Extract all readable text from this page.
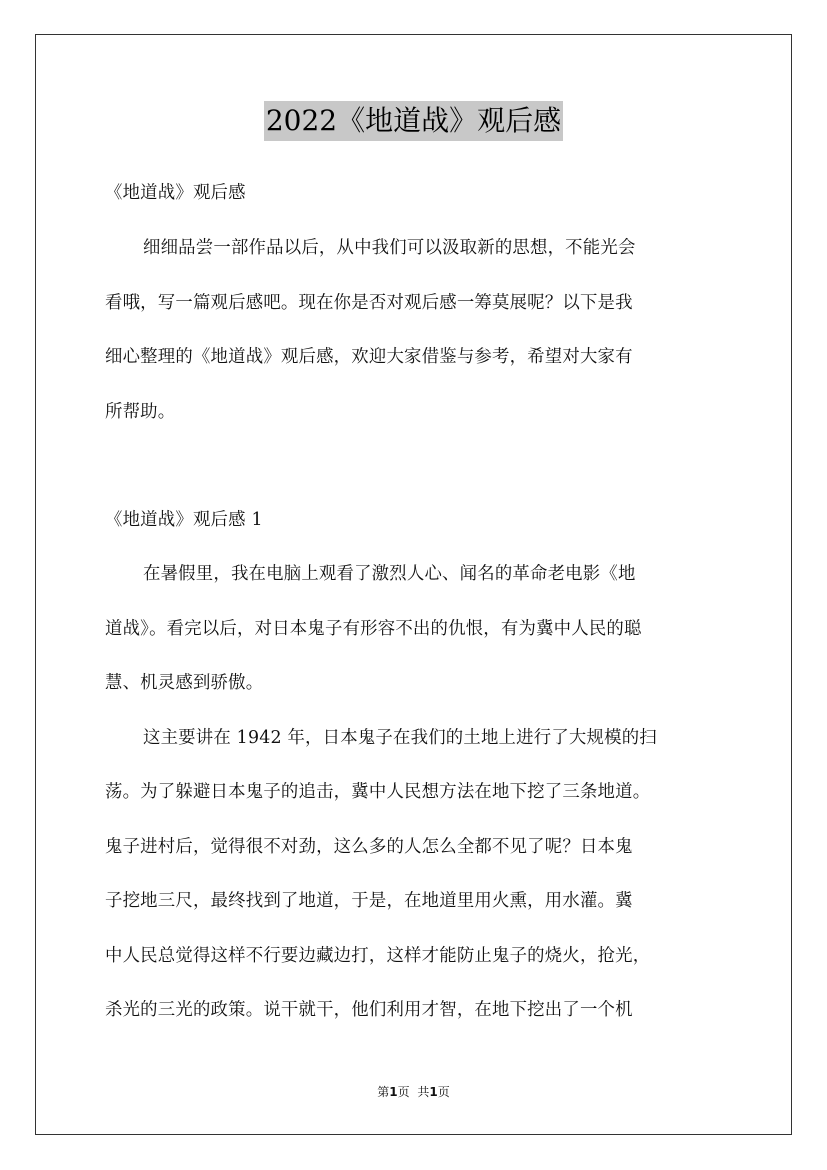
2022《地道战》观后感
《地道战》观后感
细细品尝一部作品以后，从中我们可以汲取新的思想，不能光会
看哦，写一篇观后感吧。现在你是否对观后感一筹莫展呢？以下是我
细心整理的《地道战》观后感，欢迎大家借鉴与参考，希望对大家有
所帮助。
《地道战》观后感 1
在暑假里，我在电脑上观看了激烈人心、闻名的革命老电影《地
道战》。看完以后，对日本鬼子有形容不出的仇恨，有为冀中人民的聪
慧、机灵感到骄傲。
这主要讲在 1942 年，日本鬼子在我们的土地上进行了大规模的扫
荡。为了躲避日本鬼子的追击，冀中人民想方法在地下挖了三条地道。
鬼子进村后，觉得很不对劲，这么多的人怎么全都不见了呢？日本鬼
子挖地三尺，最终找到了地道，于是，在地道里用火熏，用水灌。冀
中人民总觉得这样不行要边藏边打，这样才能防止鬼子的烧火，抢光，
杀光的三光的政策。说干就干，他们利用才智，在地下挖出了一个机
第1页 共1页
